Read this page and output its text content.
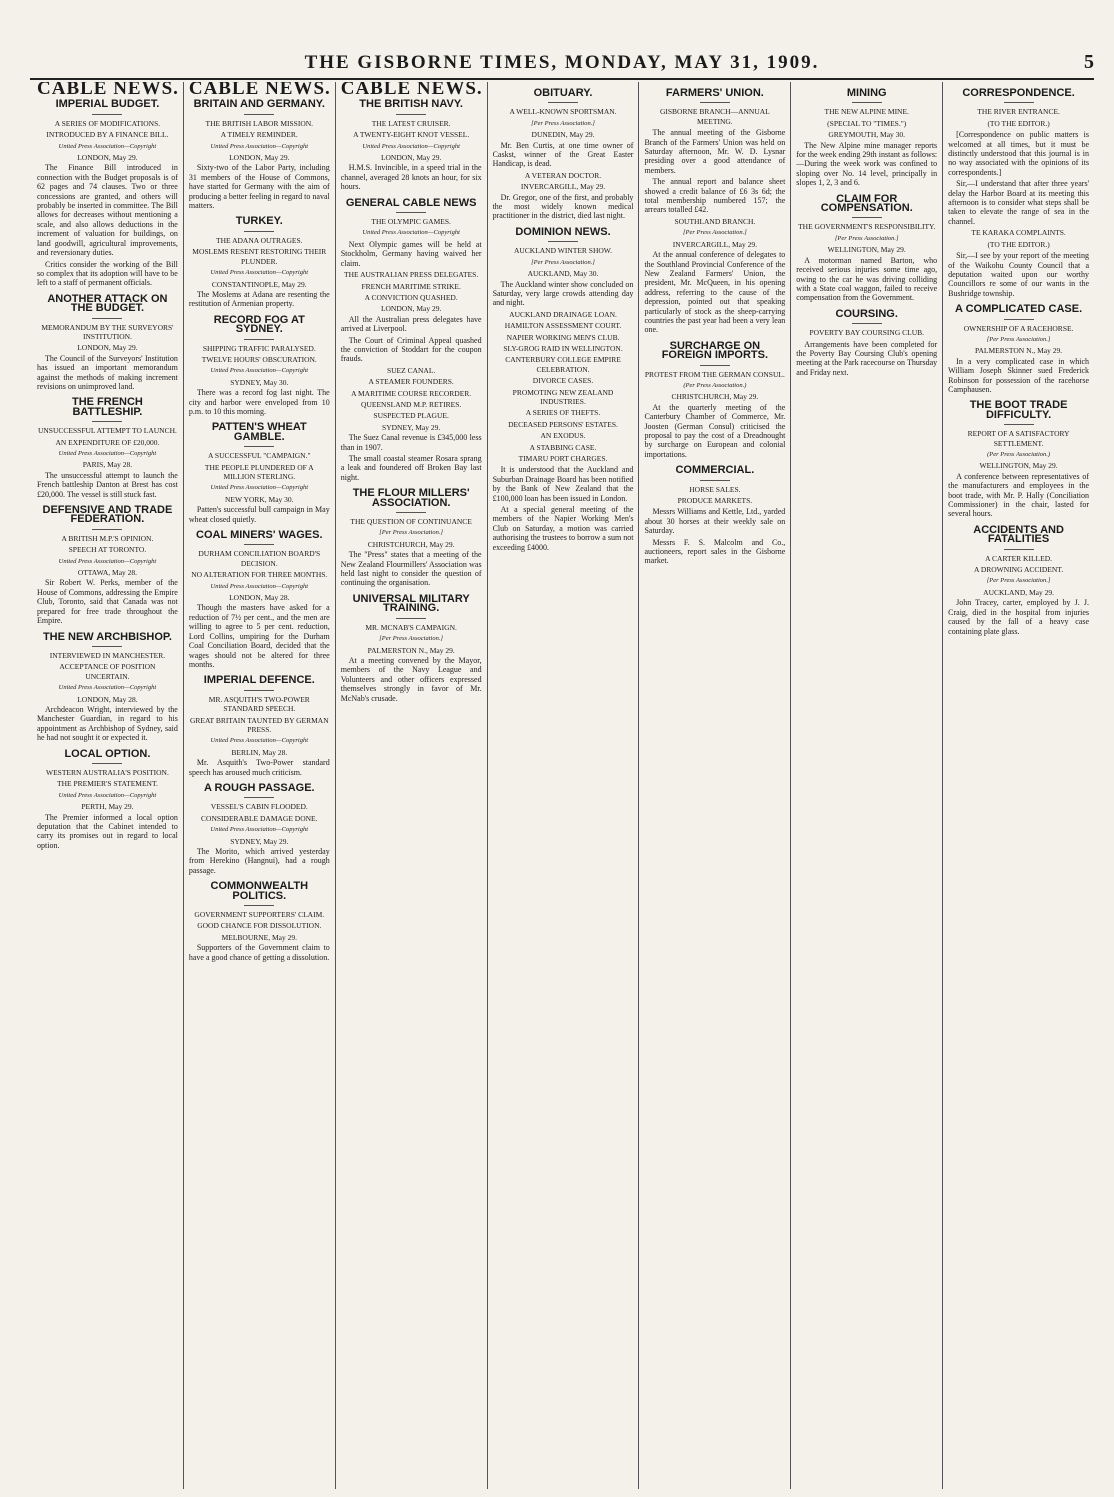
THE GISBORNE TIMES, MONDAY, MAY 31, 1909.	5
CABLE NEWS.
IMPERIAL BUDGET.
A SERIES OF MODIFICATIONS.
INTRODUCED BY A FINANCE BILL.
United Press Association—Copyright
LONDON, May 29.

The Finance Bill introduced in connection with the Budget proposals is of 62 pages and 74 clauses. Two or three concessions are granted, and others will probably be inserted in committee. The Bill allows for decreases without mentioning a scale, and also allows deductions in the increment of valuation for buildings, on land goodwill, agricultural improvements, and reversionary duties.

Critics consider the working of the Bill so complex that its adoption will have to be left to a staff of permanent officials.

ANOTHER ATTACK ON THE BUDGET.
MEMORANDUM BY THE SURVEYORS' INSTITUTION.
LONDON, May 29.

The Council of the Surveyors' Institution has issued an important memorandum against the methods of making increment revisions on unimproved land.

THE FRENCH BATTLESHIP.
UNSUCCESSFUL ATTEMPT TO LAUNCH.
AN EXPENDITURE OF £20,000.
United Press Association—Copyright
PARIS, May 28.

The unsuccessful attempt to launch the French battleship Danton at Brest has cost £20,000. The vessel is still stuck fast.

DEFENSIVE AND TRADE FEDERATION.
A BRITISH M.P.'S OPINION.
SPEECH AT TORONTO.
United Press Association—Copyright
OTTAWA, May 28.

Sir Robert W. Perks, member of the House of Commons, addressing the Empire Club, Toronto, said that Canada was not prepared for free trade throughout the Empire.

THE NEW ARCHBISHOP.
INTERVIEWED IN MANCHESTER.
ACCEPTANCE OF POSITION UNCERTAIN.
United Press Association—Copyright
LONDON, May 28.

Archdeacon Wright, interviewed by the Manchester Guardian, in regard to his appointment as Archbishop of Sydney, said he had not sought it or expected it.

LOCAL OPTION.
WESTERN AUSTRALIA'S POSITION.
THE PREMIER'S STATEMENT.
United Press Association—Copyright
PERTH, May 29.

The Premier informed a local option deputation that the Cabinet intended to carry its promises out in regard to local option.

CABLE NEWS.
BRITAIN AND GERMANY.
THE BRITISH LABOR MISSION.
A TIMELY REMINDER.
United Press Association—Copyright
LONDON, May 29.

Sixty-two of the Labor Party, including 31 members of the House of Commons, have started for Germany with the aim of producing a better feeling in regard to naval matters.

TURKEY.
THE ADANA OUTRAGES.
MOSLEMS RESENT RESTORING THEIR PLUNDER.
United Press Association—Copyright
CONSTANTINOPLE, May 29.

The Moslems at Adana are resenting the restitution of Armenian property.

RECORD FOG AT SYDNEY.
SHIPPING TRAFFIC PARALYSED.
TWELVE HOURS' OBSCURATION.
United Press Association—Copyright
SYDNEY, May 30.

There was a record fog last night. The city and harbor were enveloped from 10 p.m. to 10 this morning.

PATTEN'S WHEAT GAMBLE.
A SUCCESSFUL "CAMPAIGN."
THE PEOPLE PLUNDERED OF A MILLION STERLING.
United Press Association—Copyright
NEW YORK, May 30.

Patten's successful bull campaign in May wheat closed quietly.

COAL MINERS' WAGES.
DURHAM CONCILIATION BOARD'S DECISION.
NO ALTERATION FOR THREE MONTHS.
United Press Association—Copyright
LONDON, May 28.

Though the masters have asked for a reduction of 7½ per cent., and the men are willing to agree to 5 per cent. reduction, Lord Collins, umpiring for the Durham Coal Conciliation Board, decided that the wages should not be altered for three months.

IMPERIAL DEFENCE.
MR. ASQUITH'S TWO-POWER STANDARD SPEECH.
GREAT BRITAIN TAUNTED BY GERMAN PRESS.
United Press Association—Copyright
BERLIN, May 28.

Mr. Asquith's Two-Power standard speech has aroused much criticism.

A ROUGH PASSAGE.
VESSEL'S CABIN FLOODED.
CONSIDERABLE DAMAGE DONE.
United Press Association—Copyright
SYDNEY, May 29.

The Morito, which arrived yesterday from Herekino (Hangnui), had a rough passage.

COMMONWEALTH POLITICS.
GOVERNMENT SUPPORTERS' CLAIM.
GOOD CHANCE FOR DISSOLUTION.
MELBOURNE, May 29.

Supporters of the Government claim to have a good chance of getting a dissolution.

CABLE NEWS.
THE BRITISH NAVY.
THE LATEST CRUISER.
A TWENTY-EIGHT KNOT VESSEL.
United Press Association—Copyright
LONDON, May 29.

H.M.S. Invincible, in a speed trial in the channel, averaged 28 knots an hour, for six hours.

GENERAL CABLE NEWS
THE OLYMPIC GAMES.
United Press Association—Copyright

Next Olympic games will be held at Stockholm, Germany having waived her claim.

THE AUSTRALIAN PRESS DELEGATES.
FRENCH MARITIME STRIKE.
A CONVICTION QUASHED.
LONDON, May 29.

All the Australian press delegates have arrived at Liverpool.

The Court of Criminal Appeal quashed the conviction of Stoddart for the coupon frauds.

SUEZ CANAL.
A STEAMER FOUNDERS.
A MARITIME COURSE RECORDER.
QUEENSLAND M.P. RETIRES.
SUSPECTED PLAGUE.
SYDNEY, May 29.

The Suez Canal revenue is £345,000 less than in 1907.

The small coastal steamer Rosara sprang a leak and foundered off Broken Bay last night.

THE FLOUR MILLERS' ASSOCIATION.
THE QUESTION OF CONTINUANCE
[Per Press Association.]
CHRISTCHURCH, May 29.

The "Press" states that a meeting of the New Zealand Flourmillers' Association was held last night to consider the question of continuing the organisation.

UNIVERSAL MILITARY TRAINING.
MR. MCNAB'S CAMPAIGN.
[Per Press Association.]
PALMERSTON N., May 29.

At a meeting convened by the Mayor, members of the Navy League and Volunteers and other officers expressed themselves strongly in favor of Mr. McNab's crusade.

OBITUARY.
A WELL-KNOWN SPORTSMAN.
[Per Press Association.]
DUNEDIN, May 29.

Mr. Ben Curtis, at one time owner of Caskst, winner of the Great Easter Handicap, is dead.

A VETERAN DOCTOR.
INVERCARGILL, May 29.

Dr. Gregor, one of the first, and probably the most widely known medical practitioner in the district, died last night.

DOMINION NEWS.
AUCKLAND WINTER SHOW.
[Per Press Association.]
AUCKLAND, May 30.

The Auckland winter show concluded on Saturday, very large crowds attending day and night.

AUCKLAND DRAINAGE LOAN.
HAMILTON ASSESSMENT COURT.
NAPIER WORKING MEN'S CLUB.
SLY-GROG RAID IN WELLINGTON.
CANTERBURY COLLEGE EMPIRE CELEBRATION.
DIVORCE CASES.
PROMOTING NEW ZEALAND INDUSTRIES.
A SERIES OF THEFTS.
DECEASED PERSONS' ESTATES.
AN EXODUS.
A STABBING CASE.
TIMARU PORT CHARGES.

It is understood that the Auckland and Suburban Drainage Board has been notified by the Bank of New Zealand that the £100,000 loan has been issued in London.

At a special general meeting of the members of the Napier Working Men's Club on Saturday, a motion was carried authorising the trustees to borrow a sum not exceeding £4000.

FARMERS' UNION.
GISBORNE BRANCH—ANNUAL MEETING.

The annual meeting of the Gisborne Branch of the Farmers' Union was held on Saturday afternoon, Mr. W. D. Lysnar presiding over a good attendance of members.

The annual report and balance sheet showed a credit balance of £6 3s 6d; the total membership numbered 157; the arrears totalled £42.

SOUTHLAND BRANCH.
[Per Press Association.]
INVERCARGILL, May 29.

At the annual conference of delegates to the Southland Provincial Conference of the New Zealand Farmers' Union, the president, Mr. McQueen, in his opening address, referring to the cause of the depression, pointed out that speaking particularly of stock as the sheep-carrying countries the past year had been a very lean one.

SURCHARGE ON FOREIGN IMPORTS.
PROTEST FROM THE GERMAN CONSUL.
(Per Press Association.)
CHRISTCHURCH, May 29.

At the quarterly meeting of the Canterbury Chamber of Commerce, Mr. Joosten (German Consul) criticised the proposal to pay the cost of a Dreadnought by surcharge on European and colonial importations.

COMMERCIAL.
HORSE SALES.
PRODUCE MARKETS.

Messrs Williams and Kettle, Ltd., yarded about 30 horses at their weekly sale on Saturday.

Messrs F. S. Malcolm and Co., auctioneers, report sales in the Gisborne market.

MINING
THE NEW ALPINE MINE.
(SPECIAL TO "TIMES.")
GREYMOUTH, May 30.

The New Alpine mine manager reports for the week ending 29th instant as follows:—During the week work was confined to sloping over No. 14 level, principally in slopes 1, 2, 3 and 6.

CLAIM FOR COMPENSATION.
THE GOVERNMENT'S RESPONSIBILITY.
[Per Press Association.]
WELLINGTON, May 29.

A motorman named Barton, who received serious injuries some time ago, owing to the car he was driving colliding with a State coal waggon, failed to receive compensation from the Government.

COURSING.
POVERTY BAY COURSING CLUB.

Arrangements have been completed for the Poverty Bay Coursing Club's opening meeting at the Park racecourse on Thursday and Friday next.

CORRESPONDENCE.
THE RIVER ENTRANCE.
(TO THE EDITOR.)

[Correspondence on public matters is welcomed at all times, but it must be distinctly understood that this journal is in no way associated with the opinions of its correspondents.]

Sir,—I understand that after three years' delay the Harbor Board at its meeting this afternoon is to consider what steps shall be taken to elevate the range of sea in the channel.

TE KARAKA COMPLAINTS.
(TO THE EDITOR.)

Sir,—I see by your report of the meeting of the Waikohu County Council that a deputation waited upon our worthy Councillors re some of our wants in the Bushridge township.

A COMPLICATED CASE.
OWNERSHIP OF A RACEHORSE.
[Per Press Association.]
PALMERSTON N., May 29.

In a very complicated case in which William Joseph Skinner sued Frederick Robinson for possession of the racehorse Camphausen.

THE BOOT TRADE DIFFICULTY.
REPORT OF A SATISFACTORY SETTLEMENT.
(Per Press Association.)
WELLINGTON, May 29.

A conference between representatives of the manufacturers and employees in the boot trade, with Mr. P. Hally (Conciliation Commissioner) in the chair, lasted for several hours.

ACCIDENTS AND FATALITIES
A CARTER KILLED.
A DROWNING ACCIDENT.
[Per Press Association.]
AUCKLAND, May 29.

John Tracey, carter, employed by J. J. Craig, died in the hospital from injuries caused by the fall of a heavy case containing plate glass.
